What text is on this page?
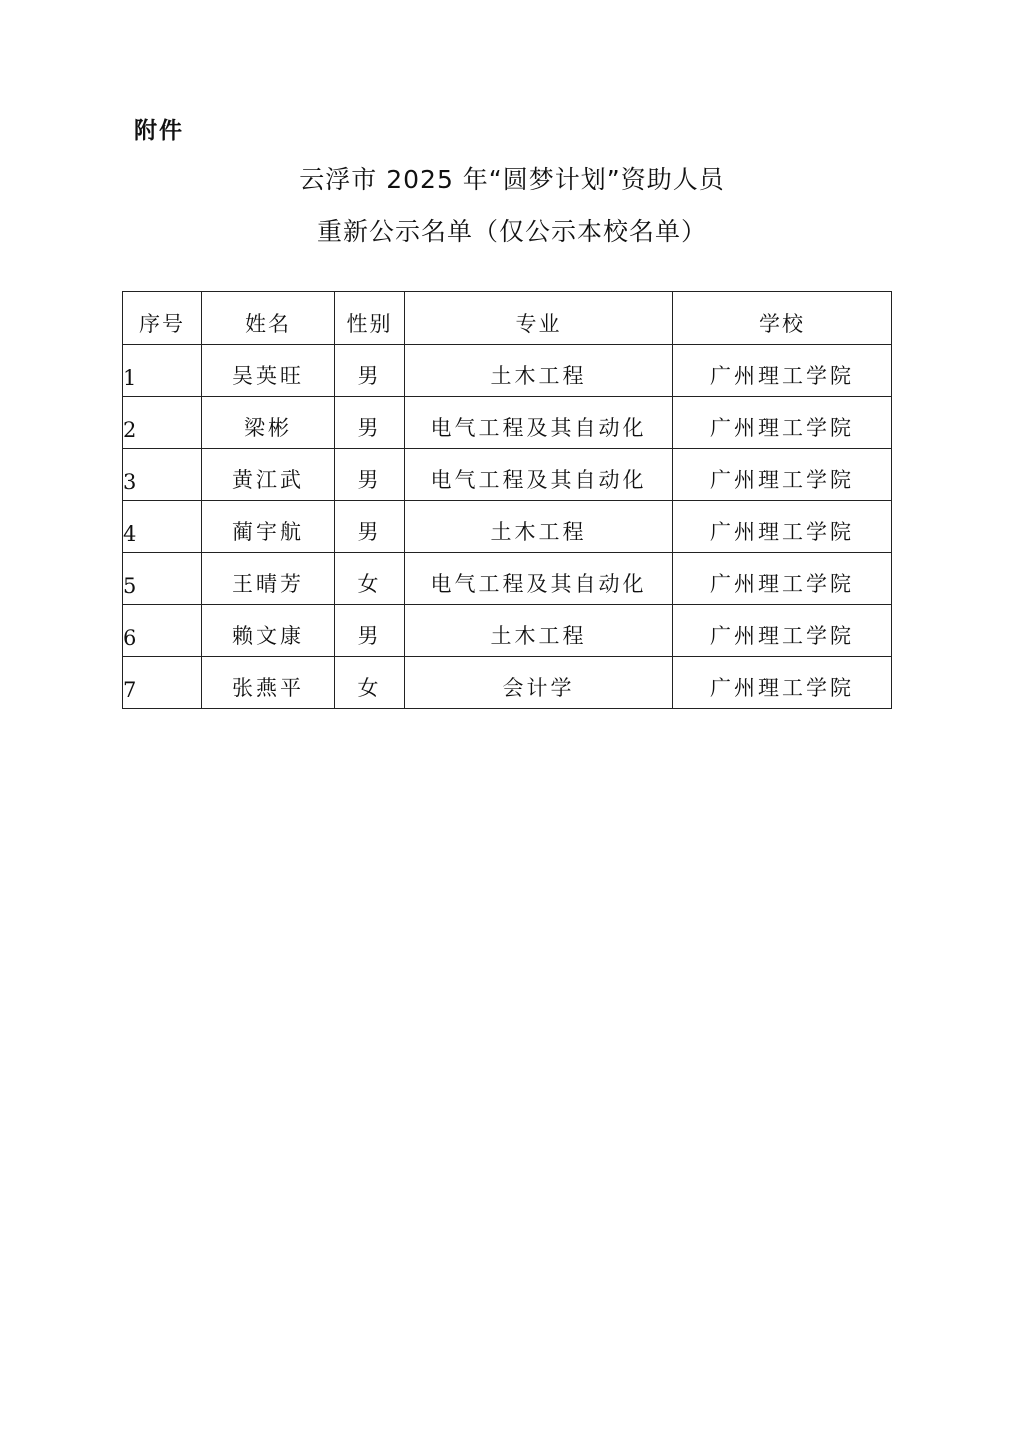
附件
云浮市 2025 年“圆梦计划”资助人员
重新公示名单（仅公示本校名单）
序号	姓名	性别	专业	学校
1	吴英旺	男	土木工程	广州理工学院
2	梁彬	男	电气工程及其自动化	广州理工学院
3	黄江武	男	电气工程及其自动化	广州理工学院
4	蔺宇航	男	土木工程	广州理工学院
5	王晴芳	女	电气工程及其自动化	广州理工学院
6	赖文康	男	土木工程	广州理工学院
7	张燕平	女	会计学	广州理工学院
